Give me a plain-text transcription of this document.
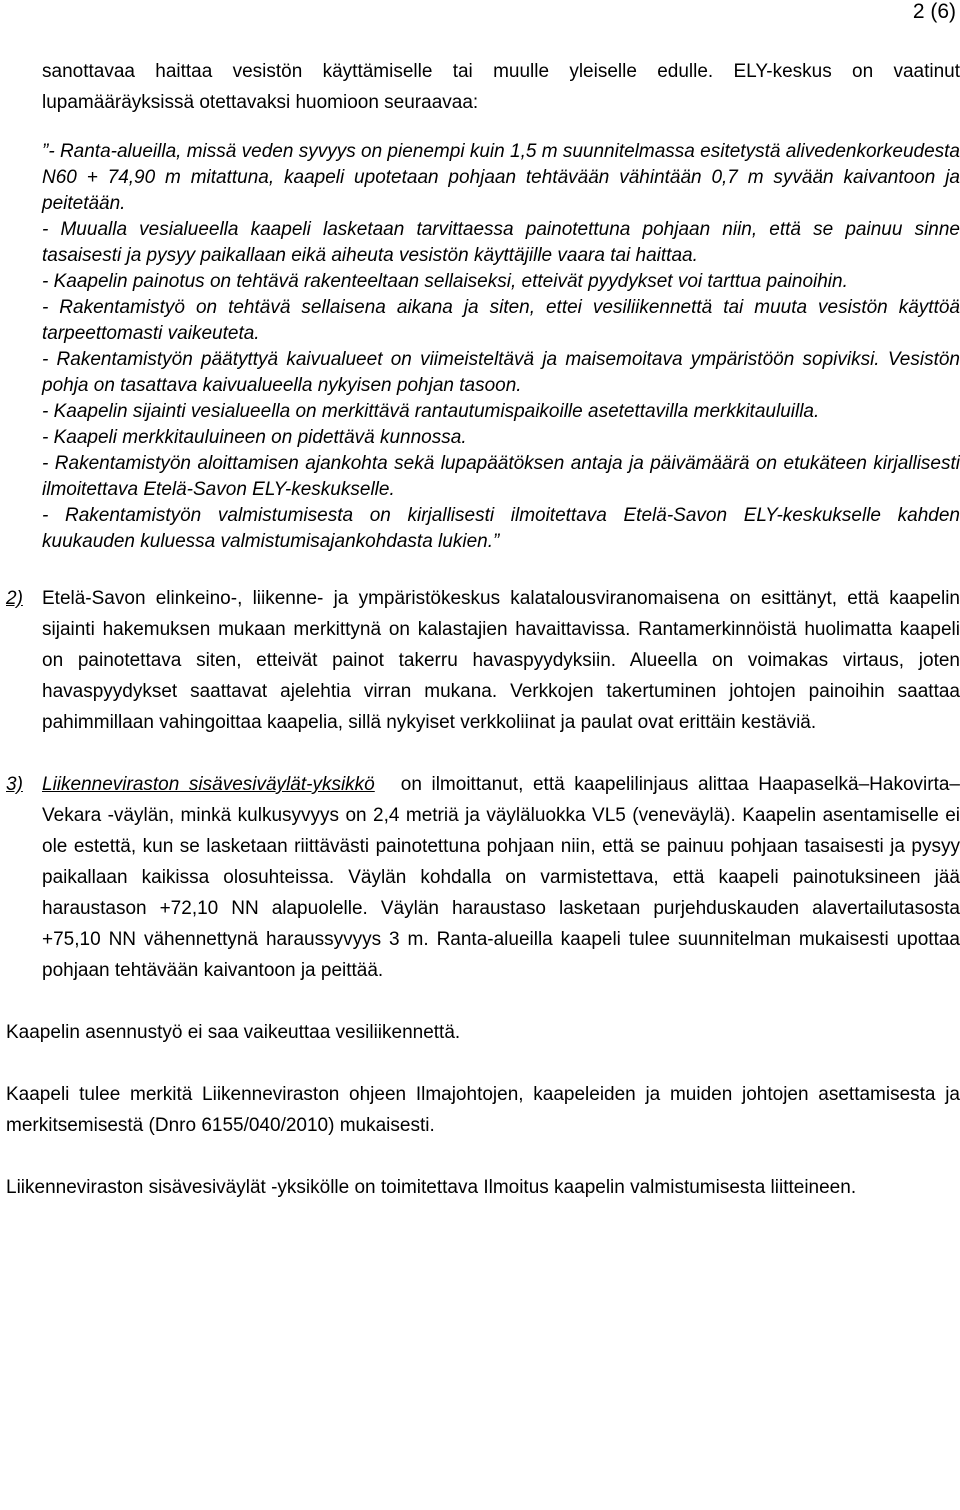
2 (6)

sanottavaa haittaa vesistön käyttämiselle tai muulle yleiselle edulle. ELY-keskus on vaatinut lupamääräyksissä otettavaksi huomioon seuraavaa:

”- Ranta-alueilla, missä veden syvyys on pienempi kuin 1,5 m suunnitelmassa esitetystä alivedenkorkeudesta N60 + 74,90 m mitattuna, kaapeli upotetaan pohjaan tehtävään vähintään 0,7 m syvään kaivantoon ja peitetään.

- Muualla vesialueella kaapeli lasketaan tarvittaessa painotettuna pohjaan niin, että se painuu sinne tasaisesti ja pysyy paikallaan eikä aiheuta vesistön käyttäjille vaara tai haittaa.

- Kaapelin painotus on tehtävä rakenteeltaan sellaiseksi, etteivät pyydykset voi tarttua painoihin.

- Rakentamistyö on tehtävä sellaisena aikana ja siten, ettei vesiliikennettä tai muuta vesistön käyttöä tarpeettomasti vaikeuteta.

- Rakentamistyön päätyttyä kaivualueet on viimeisteltävä ja maisemoitava ympäristöön sopiviksi. Vesistön pohja on tasattava kaivualueella nykyisen pohjan tasoon.

- Kaapelin sijainti vesialueella on merkittävä rantautumispaikoille asetettavilla merkkitauluilla.

- Kaapeli merkkitauluineen on pidettävä kunnossa.

- Rakentamistyön aloittamisen ajankohta sekä lupapäätöksen antaja ja päivämäärä on etukäteen kirjallisesti ilmoitettava Etelä-Savon ELY-keskukselle.

- Rakentamistyön valmistumisesta on kirjallisesti ilmoitettava Etelä-Savon ELY-keskukselle kahden kuukauden kuluessa valmistumisajankohdasta lukien.”

2) Etelä-Savon elinkeino-, liikenne- ja ympäristökeskus kalatalousviranomaisena on esittänyt, että kaapelin sijainti hakemuksen mukaan merkittynä on kalastajien havaittavissa. Rantamerkinnöistä huolimatta kaapeli on painotettava siten, etteivät painot takerru havaspyydyksiin. Alueella on voimakas virtaus, joten havaspyydykset saattavat ajelehtia virran mukana. Verkkojen takertuminen johtojen painoihin saattaa pahimmillaan vahingoittaa kaapelia, sillä nykyiset verkkoliinat ja paulat ovat erittäin kestäviä.

3) Liikenneviraston sisävesiväylät-yksikkö on ilmoittanut, että kaapelilinjaus alittaa Haapaselkä–Hakovirta–Vekara -väylän, minkä kulkusyvyys on 2,4 metriä ja väyläluokka VL5 (veneväylä). Kaapelin asentamiselle ei ole estettä, kun se lasketaan riittävästi painotettuna pohjaan niin, että se painuu pohjaan tasaisesti ja pysyy paikallaan kaikissa olosuhteissa. Väylän kohdalla on varmistettava, että kaapeli painotuksineen jää haraustason +72,10 NN alapuolelle. Väylän haraustaso lasketaan purjehduskauden alavertailutasosta +75,10 NN vähennettynä haraussyvyys 3 m. Ranta-alueilla kaapeli tulee suunnitelman mukaisesti upottaa pohjaan tehtävään kaivantoon ja peittää.

Kaapelin asennustyö ei saa vaikeuttaa vesiliikennettä.

Kaapeli tulee merkitä Liikenneviraston ohjeen Ilmajohtojen, kaapeleiden ja muiden johtojen asettamisesta ja merkitsemisestä (Dnro 6155/040/2010) mukaisesti.

Liikenneviraston sisävesiväylät -yksikölle on toimitettava Ilmoitus kaapelin valmistumisesta liitteineen.
